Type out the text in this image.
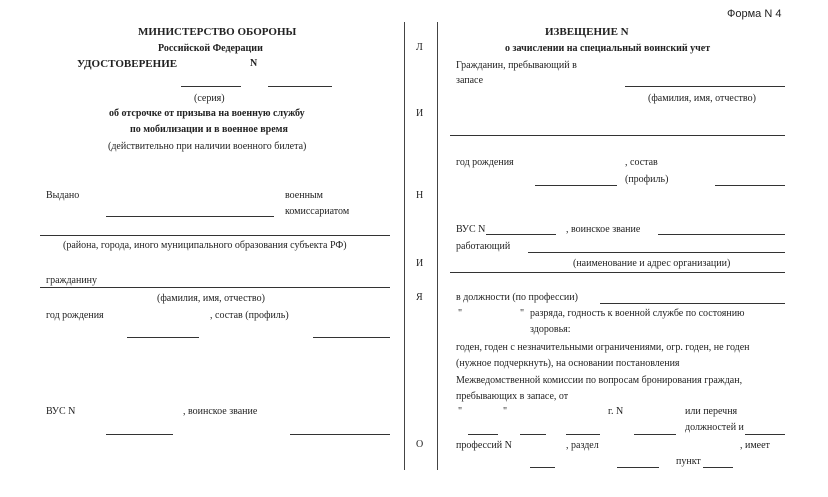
Форма N 4
МИНИСТЕРСТВО ОБОРОНЫ
Российской Федерации
УДОСТОВЕРЕНИЕ	N
(серия)
об отсрочке от призыва на военную службу
по мобилизации и в военное время
(действительно при наличии военного билета)
Выдано	военным
комиссариатом
(района, города, иного муниципального образования субъекта РФ)
гражданину
(фамилия, имя, отчество)
год рождения	, состав (профиль)
ВУС N	, воинское звание
Л
И
Н
И
Я
О
ИЗВЕЩЕНИЕ N
о зачислении на специальный воинский учет
Гражданин, пребывающий в
запасе
(фамилия, имя, отчество)
год рождения	, состав
(профиль)
ВУС N	, воинское звание
работающий
(наименование и адрес организации)
в должности (по профессии)
"	" разряда, годность к военной службе по состоянию
здоровья:
годен, годен с незначительными ограничениями, огр. годен, не годен
(нужное подчеркнуть), на основании постановления
Межведомственной комиссии по вопросам бронирования граждан,
пребывающих в запасе, от
"	"	г. N	или перечня
должностей и
профессий N	, раздел	, имеет
пункт
